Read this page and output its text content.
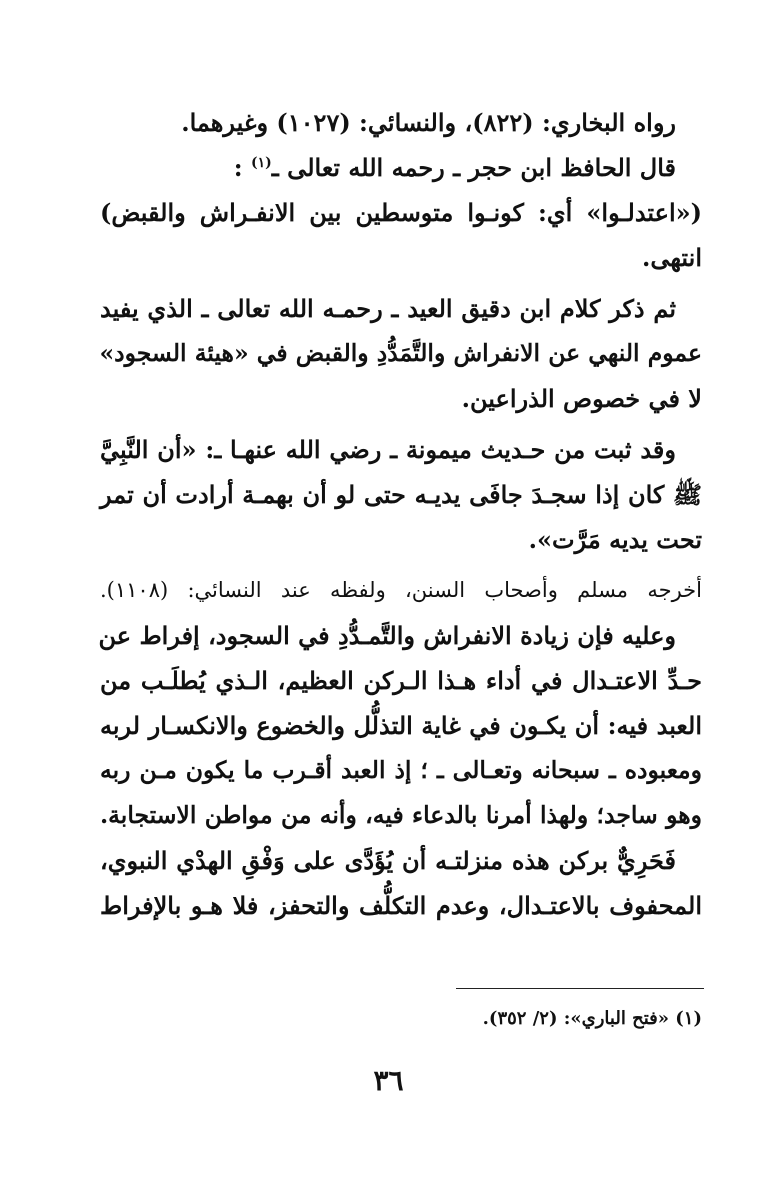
رواه البخاري: (٨٢٢)، والنسائي: (١٠٢٧) وغيرهما.
قال الحافظ ابن حجر ـ رحمه الله تعالى ـ$^{(١)}$ :
(«اعتدلـوا» أي: كونـوا متوسطين بين الانفـراش والقبض)
انتهى.
ثم ذكر كلام ابن دقيق العيد ـ رحمـه الله تعالى ـ الذي يفيد
عموم النهي عن الانفراش والتَّمَدُّدِ والقبض في «هيئة السجود»
لا في خصوص الذراعين.
وقد ثبت من حـديث ميمونة ـ رضي الله عنهـا ـ: «أن النَّبِيَّ
ﷺ كان إذا سجـدَ جافَى يديـه حتى لو أن بهمـة أرادت أن تمر
تحت يديه مَرَّت».
أخرجه مسلم وأصحاب السنن، ولفظه عند النسائي: (١١٠٨).
وعليه فإن زيادة الانفراش والتَّمـدُّدِ في السجود، إفراط عن
حـدِّ الاعتـدال في أداء هـذا الـركن العظيم، الـذي يُطلَـب من
العبد فيه: أن يكـون في غاية التذلُّل والخضوع والانكسـار لربه
ومعبوده ـ سبحانه وتعـالى ـ ؛ إذ العبد أقـرب ما يكون مـن ربه
وهو ساجد؛ ولهذا أمرنا بالدعاء فيه، وأنه من مواطن الاستجابة.
فَحَرِيٌّ بركن هذه منزلتـه أن يُؤَدَّى على وَفْقِ الهدْي النبوي،
المحفوف بالاعتـدال، وعدم التكلُّف والتحفز، فلا هـو بالإفراط
(١) «فتح الباري»: (٢/ ٣٥٢).
٣٦
